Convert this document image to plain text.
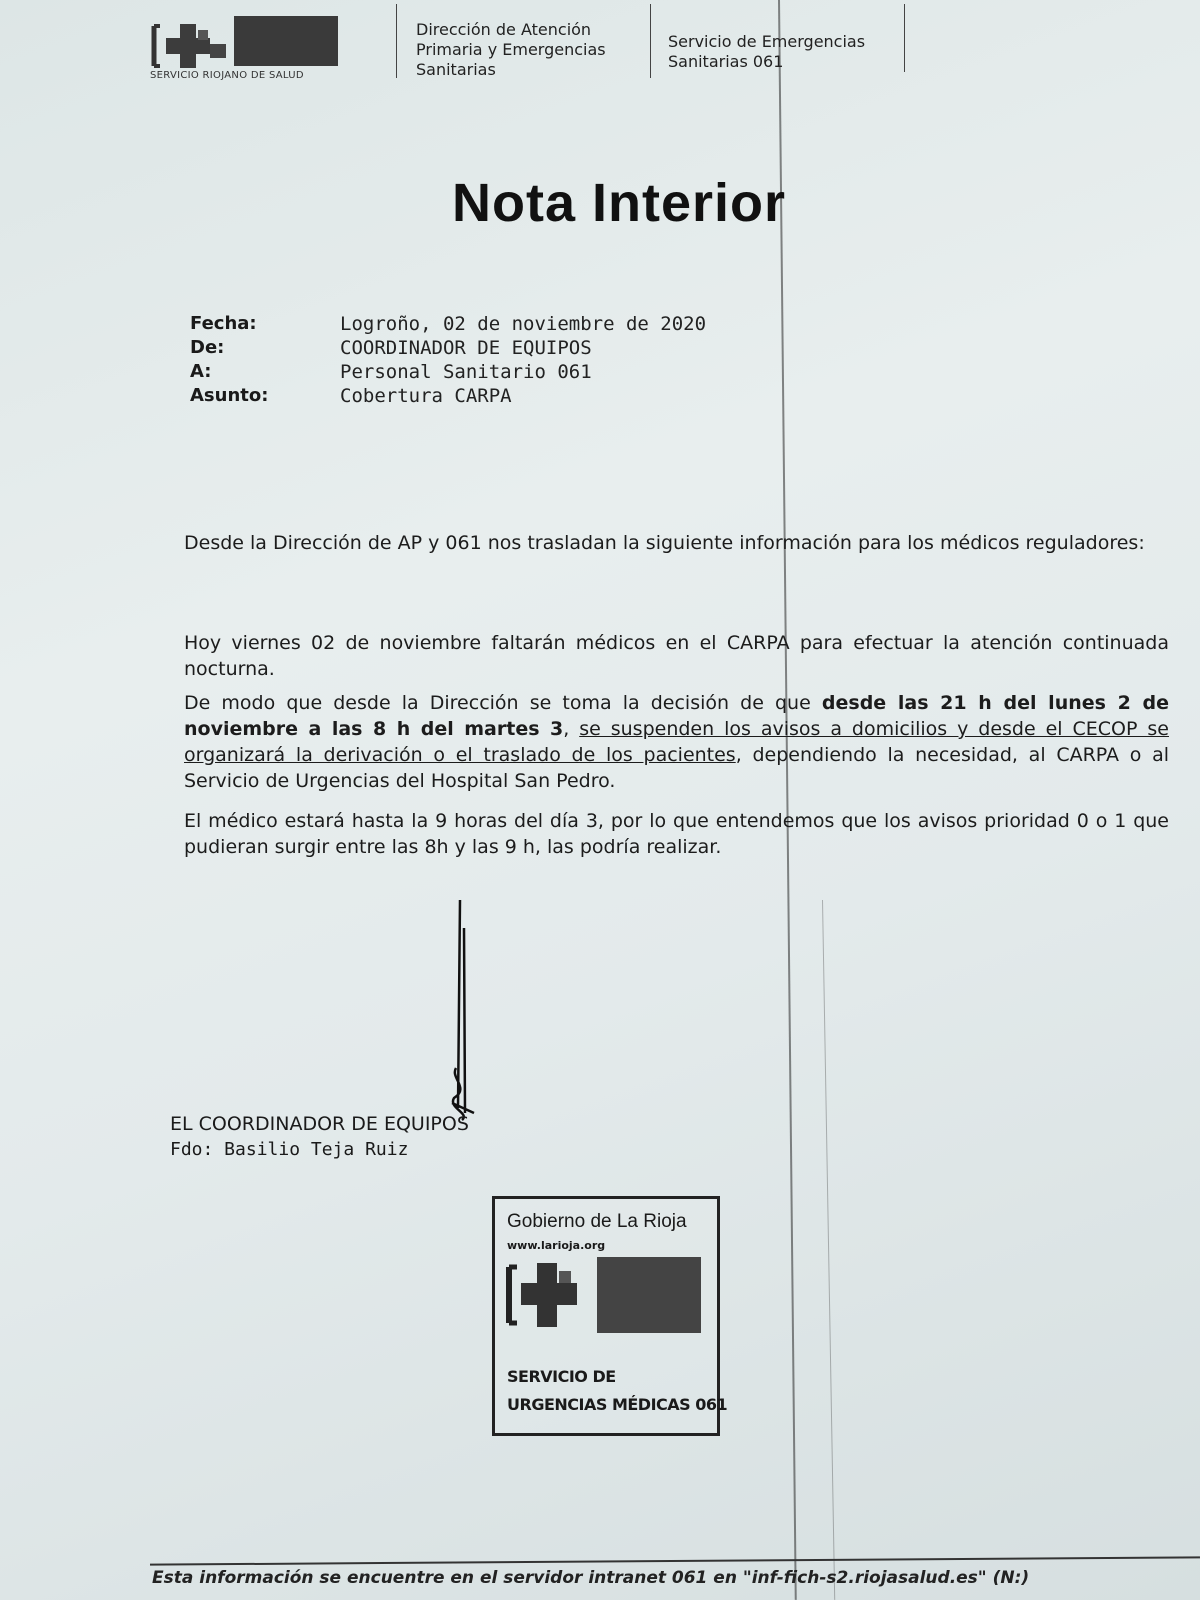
SERVICIO RIOJANO DE SALUD
Dirección de Atención
Primaria y Emergencias
Sanitarias
Servicio de Emergencias
Sanitarias 061
Nota Interior
Fecha:	Logroño, 02 de noviembre de 2020
De:	COORDINADOR DE EQUIPOS
A:	Personal Sanitario 061
Asunto:	Cobertura CARPA
Desde la Dirección de AP y 061 nos trasladan la siguiente información para los médicos reguladores:
Hoy viernes 02 de noviembre faltarán médicos en el CARPA para efectuar la atención continuada nocturna.
De modo que desde la Dirección se toma la decisión de que desde las 21 h del lunes 2 de noviembre a las 8 h del martes 3, se suspenden los avisos a domicilios y desde el CECOP se organizará la derivación o el traslado de los pacientes, dependiendo la necesidad, al CARPA o al Servicio de Urgencias del Hospital San Pedro.
El médico estará hasta la 9 horas del día 3, por lo que entendemos que los avisos prioridad 0 o 1 que pudieran surgir entre las 8h y las 9 h, las podría realizar.
EL COORDINADOR DE EQUIPOS
Fdo: Basilio Teja Ruiz
Gobierno de La Rioja
www.larioja.org
SERVICIO DE
URGENCIAS MÉDICAS 061
Esta información se encuentre en el servidor intranet 061 en "inf-fich-s2.riojasalud.es" (N:)
